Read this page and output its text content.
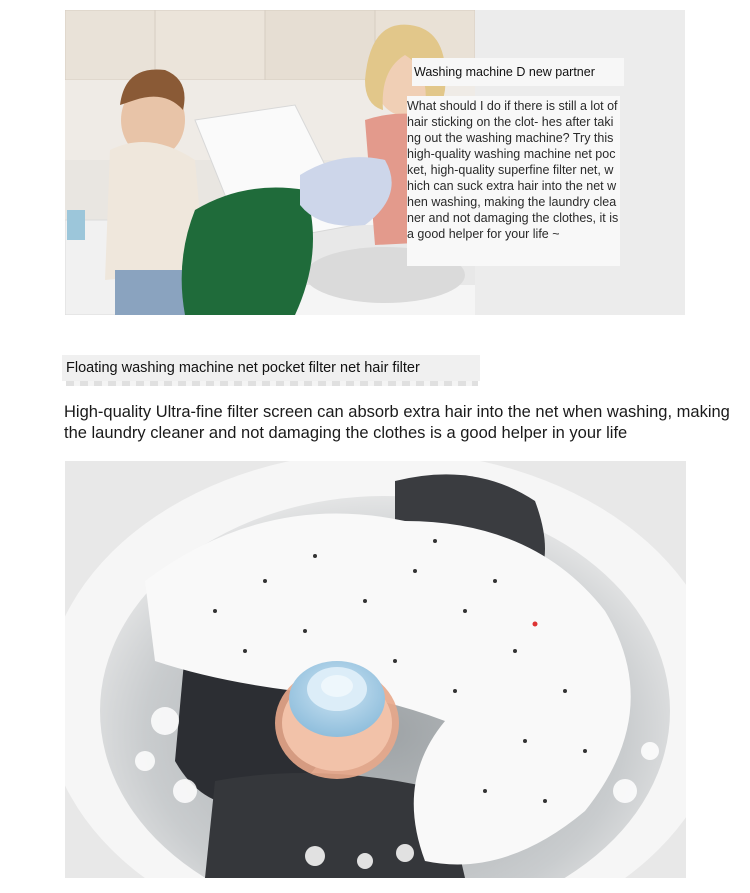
Washing machine D new partner
What should I do if there is still a lot of hair sticking on the clot- hes after taking out the washing machine? Try this high-quality washing machine net pocket, high-quality superfine filter net, which can suck extra hair into the net when washing, making the laundry cleaner and not damaging the clothes, it is a good helper for your life ~
Floating washing machine net pocket filter net hair filter
High-quality Ultra-fine filter screen can absorb extra hair into the net when washing, making the laundry cleaner and not damaging the clothes is a good helper in your life
